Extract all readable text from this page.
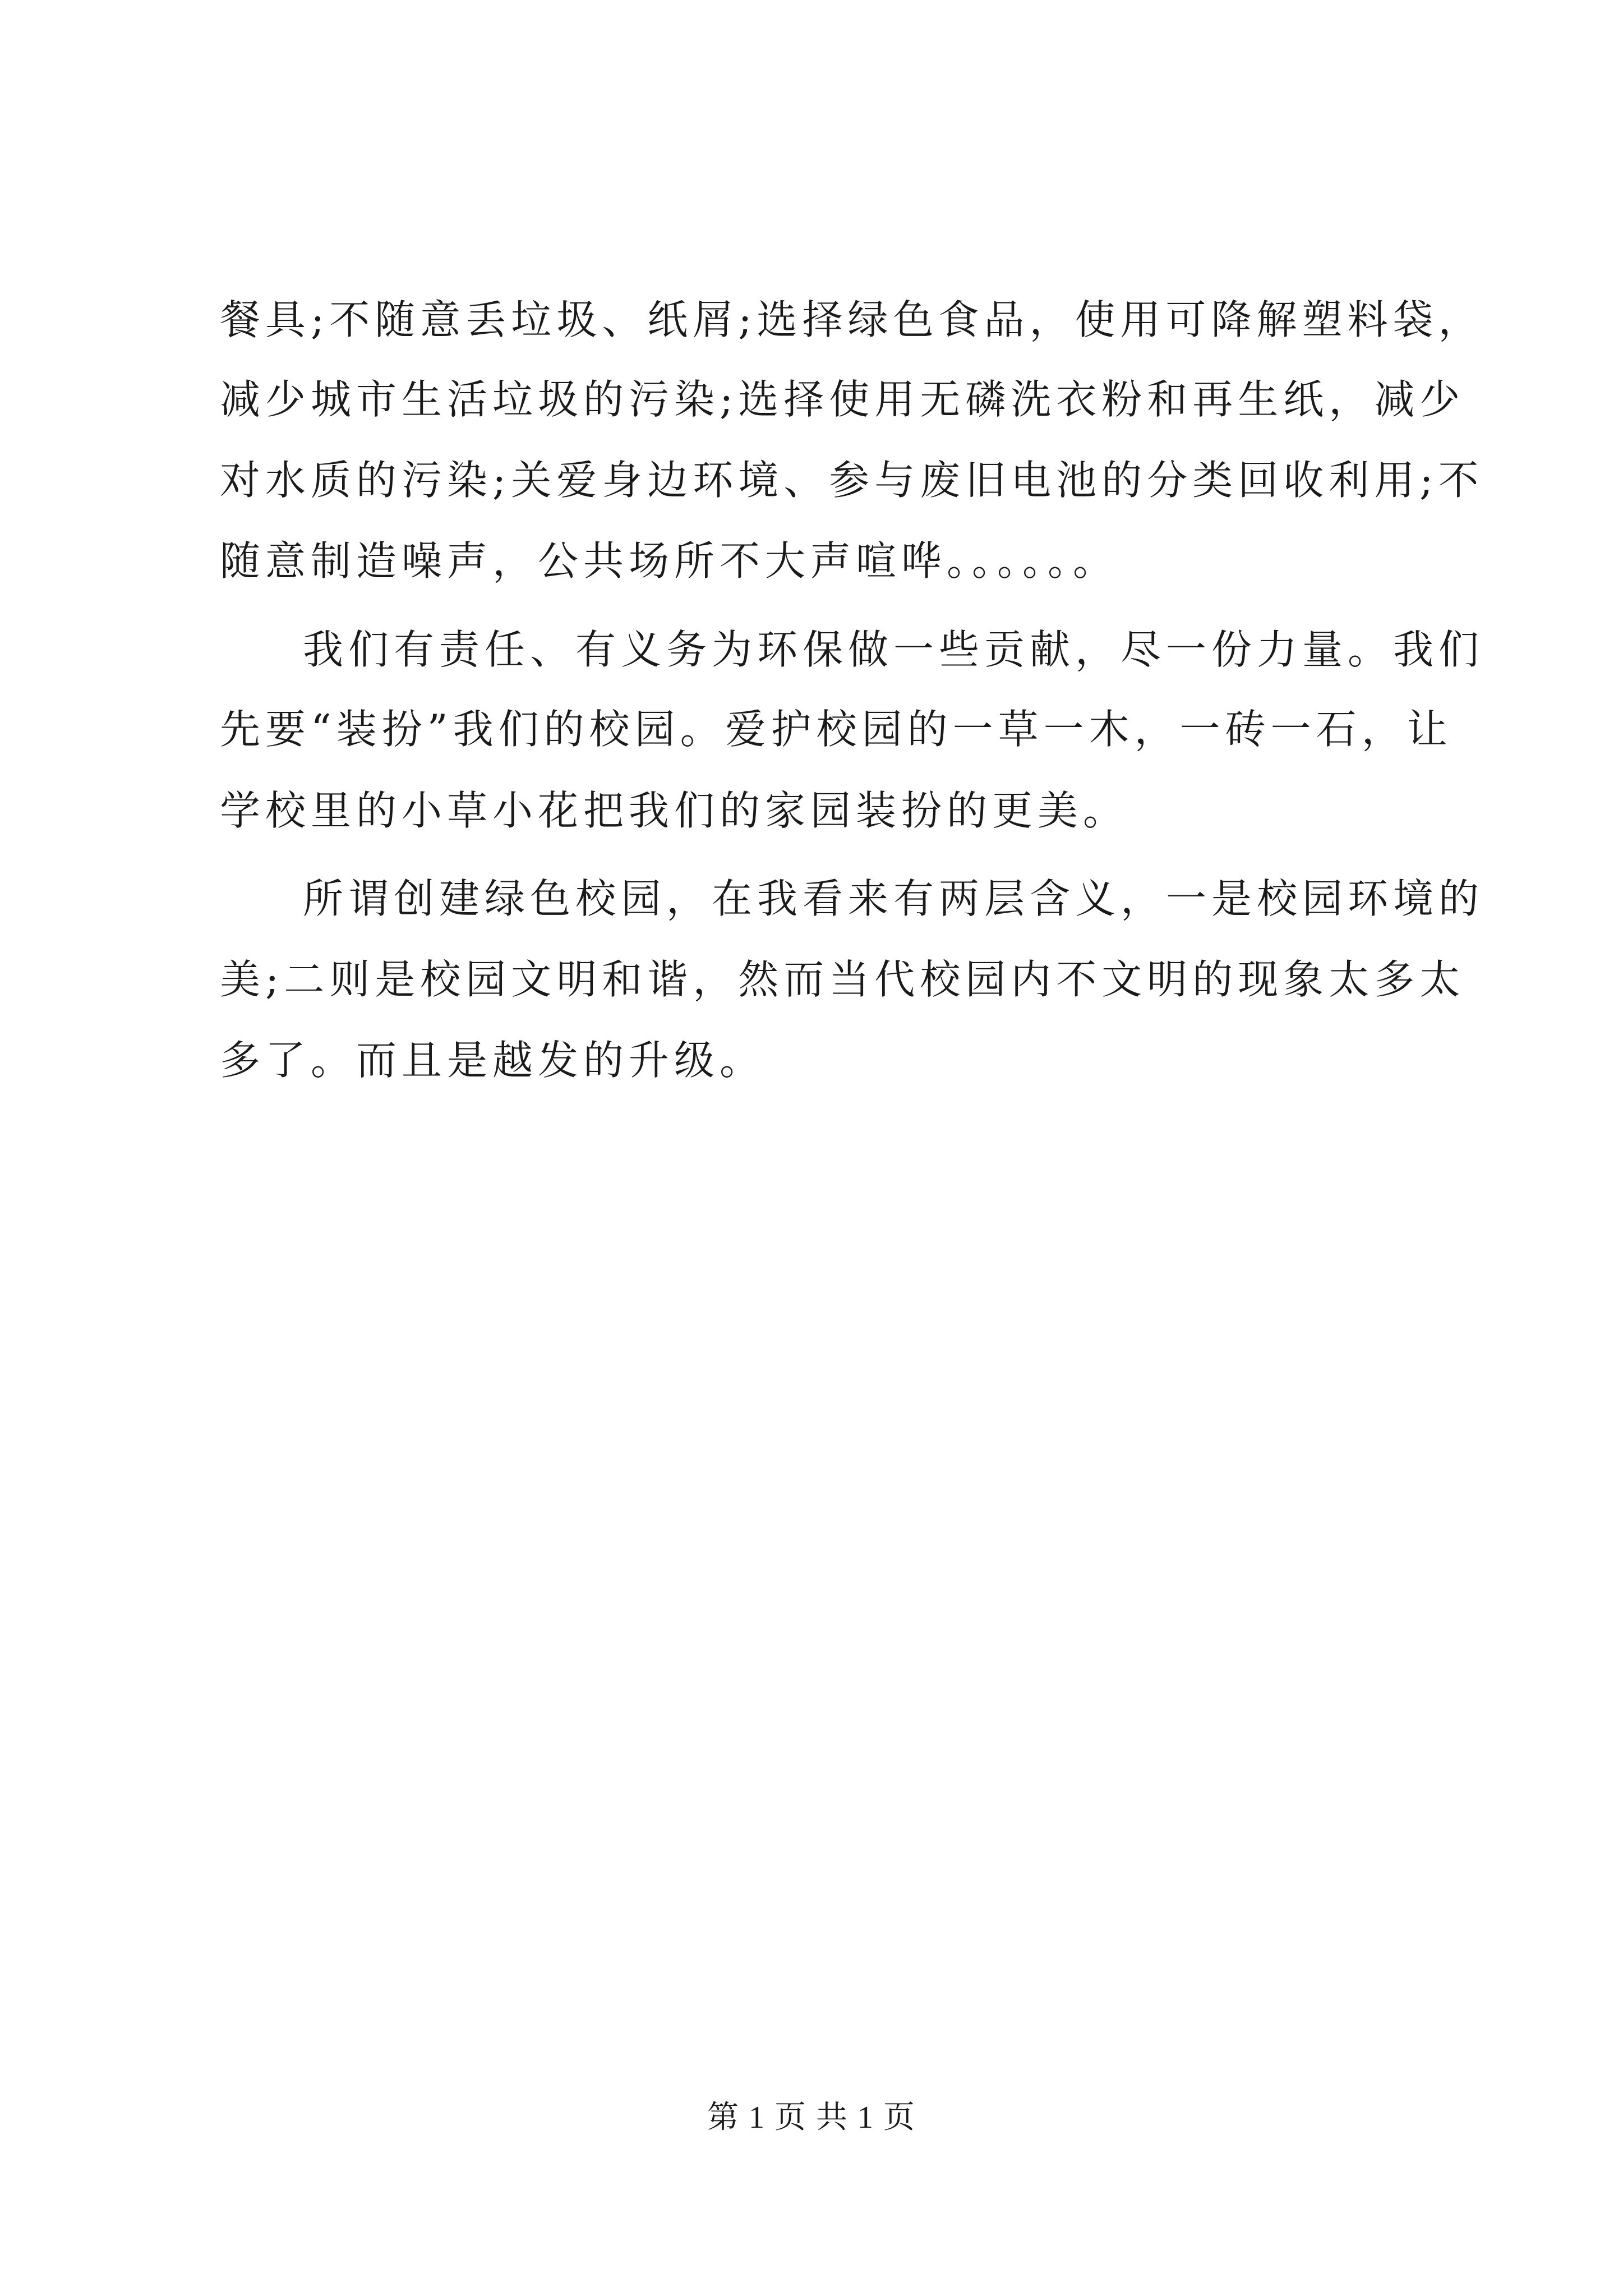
餐具;不随意丢垃圾、纸屑;选择绿色食品，使用可降解塑料袋，
减少城市生活垃圾的污染;选择使用无磷洗衣粉和再生纸，减少
对水质的污染;关爱身边环境、参与废旧电池的分类回收利用;不
随意制造噪声，公共场所不大声喧哗。。。。。。
我们有责任、有义务为环保做一些贡献，尽一份力量。我们
先要“装扮”我们的校园。爱护校园的一草一木，一砖一石，让
学校里的小草小花把我们的家园装扮的更美。
所谓创建绿色校园，在我看来有两层含义，一是校园环境的
美;二则是校园文明和谐，然而当代校园内不文明的现象太多太
多了。而且是越发的升级。
第 1 页 共 1 页
